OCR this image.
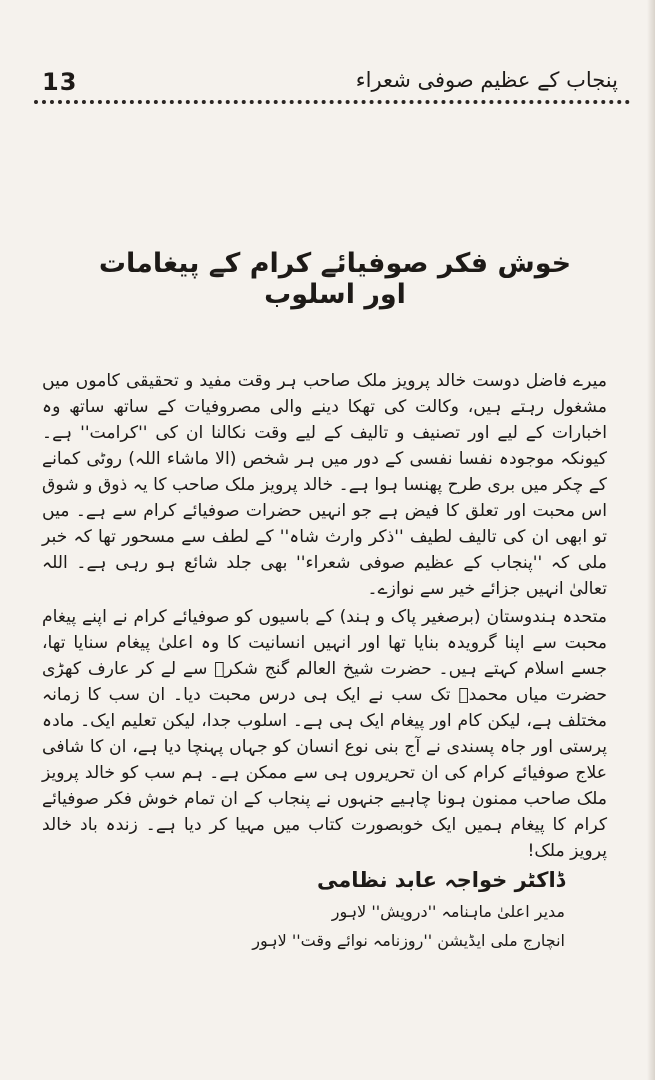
13	پنجاب کے عظیم صوفی شعراء
خوش فکر صوفیائے کرام کے پیغامات اور اسلوب

میرے فاضل دوست خالد پرویز ملک صاحب ہر وقت مفید و تحقیقی کاموں میں مشغول رہتے ہیں، وکالت کی تھکا دینے والی مصروفیات کے ساتھ ساتھ وہ اخبارات کے لیے اور تصنیف و تالیف کے لیے وقت نکالنا ان کی ''کرامت'' ہے۔ کیونکہ موجودہ نفسا نفسی کے دور میں ہر شخص (الا ماشاء اللہ) روٹی کمانے کے چکر میں بری طرح پھنسا ہوا ہے۔ خالد پرویز ملک صاحب کا یہ ذوق و شوق اس محبت اور تعلق کا فیض ہے جو انہیں حضرات صوفیائے کرام سے ہے۔ میں تو ابھی ان کی تالیف لطیف ''ذکر وارث شاہ'' کے لطف سے مسحور تھا کہ خبر ملی کہ ''پنجاب کے عظیم صوفی شعراء'' بھی جلد شائع ہو رہی ہے۔ اللہ تعالیٰ انہیں جزائے خیر سے نوازے۔

متحدہ ہندوستان (برصغیر پاک و ہند) کے باسیوں کو صوفیائے کرام نے اپنے پیغام محبت سے اپنا گرویدہ بنایا تھا اور انہیں انسانیت کا وہ اعلیٰ پیغام سنایا تھا، جسے اسلام کہتے ہیں۔ حضرت شیخ العالم گنج شکرؒ سے لے کر عارف کھڑی حضرت میاں محمدؒ تک سب نے ایک ہی درس محبت دیا۔ ان سب کا زمانہ مختلف ہے، لیکن کام اور پیغام ایک ہی ہے۔ اسلوب جدا، لیکن تعلیم ایک۔ مادہ پرستی اور جاہ پسندی نے آج بنی نوع انسان کو جہاں پہنچا دیا ہے، ان کا شافی علاج صوفیائے کرام کی ان تحریروں ہی سے ممکن ہے۔ ہم سب کو خالد پرویز ملک صاحب ممنون ہونا چاہیے جنہوں نے پنجاب کے ان تمام خوش فکر صوفیائے کرام کا پیغام ہمیں ایک خوبصورت کتاب میں مہیا کر دیا ہے۔ زندہ باد خالد پرویز ملک!

ڈاکٹر خواجہ عابد نظامی
مدیر اعلیٰ ماہنامہ ''درویش'' لاہور
انچارج ملی ایڈیشن ''روزنامہ نوائے وقت'' لاہور
